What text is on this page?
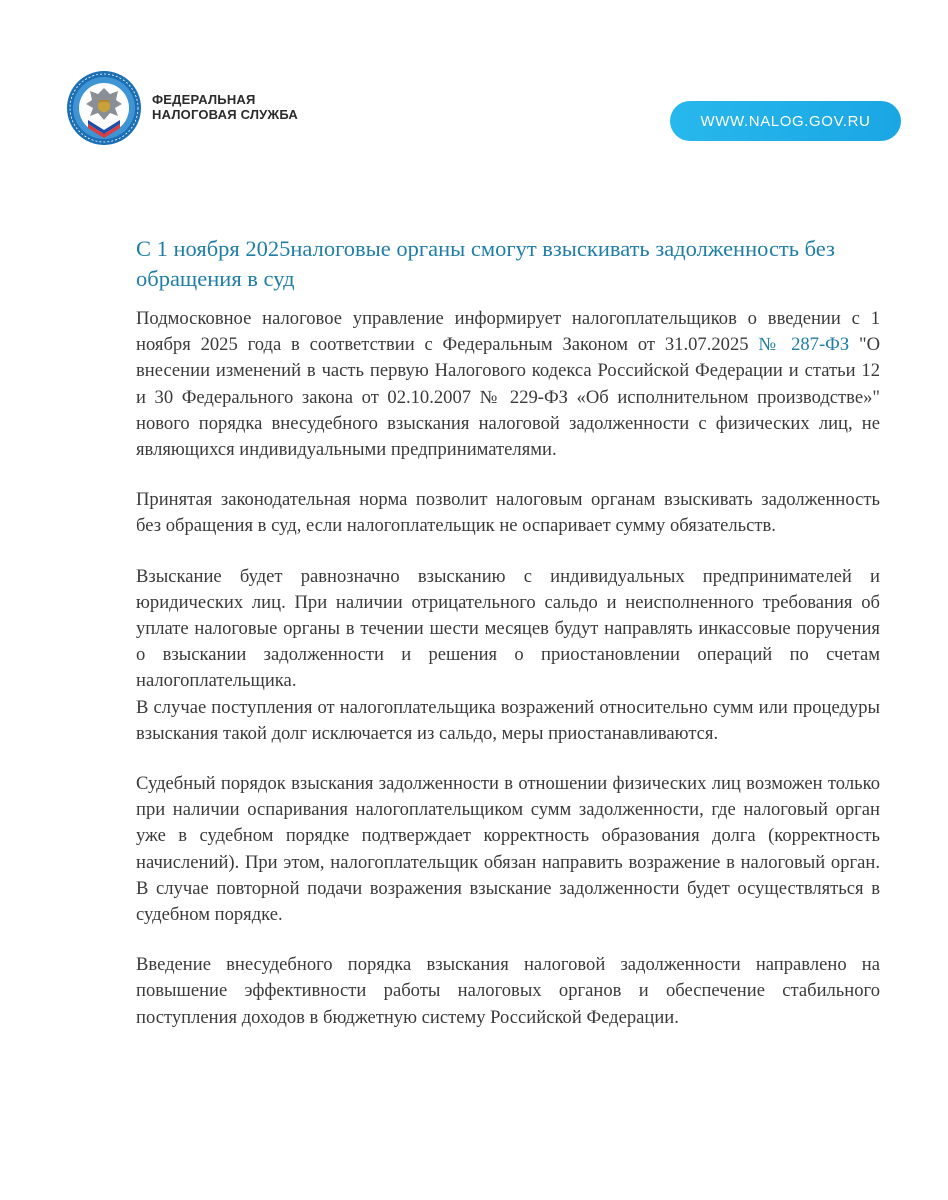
ФЕДЕРАЛЬНАЯ
НАЛОГОВАЯ СЛУЖБА	WWW.NALOG.GOV.RU
С 1 ноября 2025налоговые органы смогут взыскивать задолженность без обращения в суд

Подмосковное налоговое управление информирует налогоплательщиков о введении с 1 ноября 2025 года в соответствии с Федеральным Законом от 31.07.2025 № 287-ФЗ "О внесении изменений в часть первую Налогового кодекса Российской Федерации и статьи 12 и 30 Федерального закона от 02.10.2007 № 229-ФЗ «Об исполнительном производстве»" нового порядка внесудебного взыскания налоговой задолженности с физических лиц, не являющихся индивидуальными предпринимателями.

Принятая законодательная норма позволит налоговым органам взыскивать задолженность без обращения в суд, если налогоплательщик не оспаривает сумму обязательств.

Взыскание будет равнозначно взысканию с индивидуальных предпринимателей и юридических лиц. При наличии отрицательного сальдо и неисполненного требования об уплате налоговые органы в течении шести месяцев будут направлять инкассовые поручения о взыскании задолженности и решения о приостановлении операций по счетам налогоплательщика.

В случае поступления от налогоплательщика возражений относительно сумм или процедуры взыскания такой долг исключается из сальдо, меры приостанавливаются.

Судебный порядок взыскания задолженности в отношении физических лиц возможен только при наличии оспаривания налогоплательщиком сумм задолженности, где налоговый орган уже в судебном порядке подтверждает корректность образования долга (корректность начислений). При этом, налогоплательщик обязан направить возражение в налоговый орган. В случае повторной подачи возражения взыскание задолженности будет осуществляться в судебном порядке.

Введение внесудебного порядка взыскания налоговой задолженности направлено на повышение эффективности работы налоговых органов и обеспечение стабильного поступления доходов в бюджетную систему Российской Федерации.
